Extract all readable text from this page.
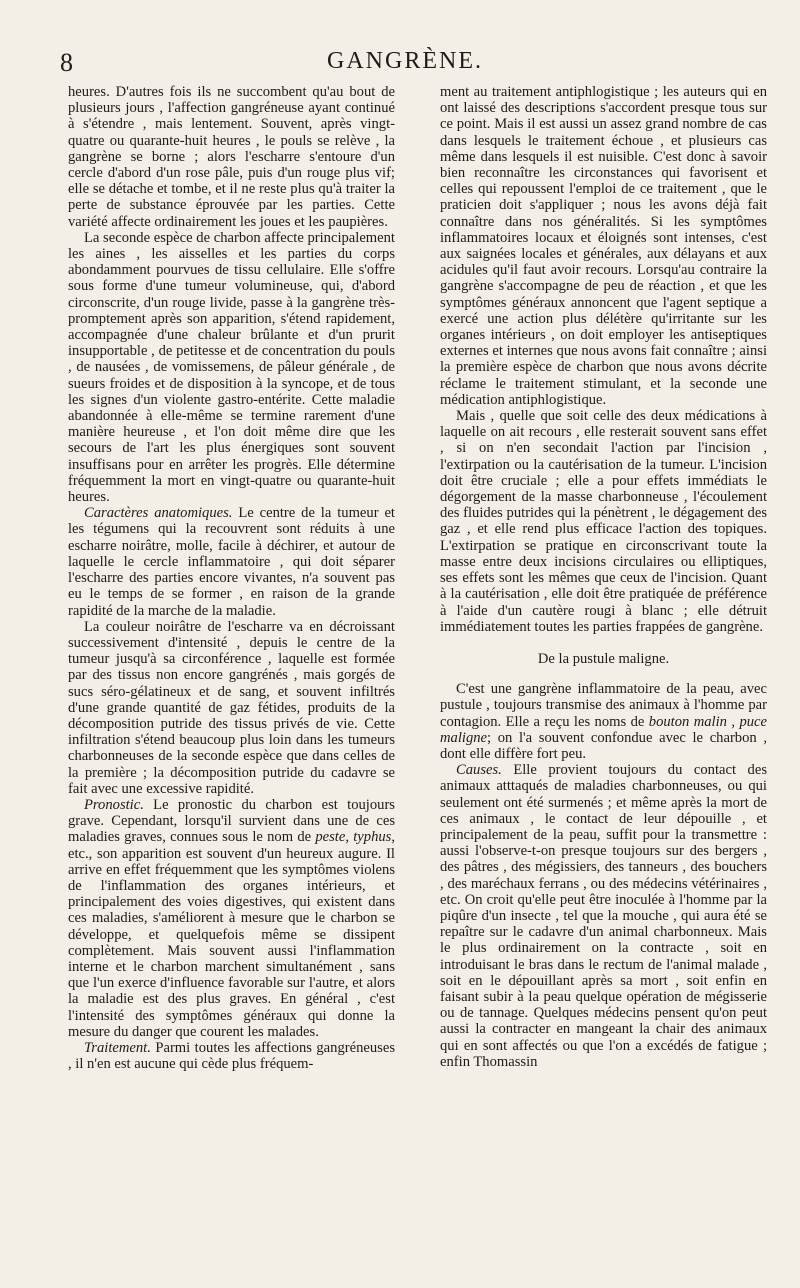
8	GANGRÈNE.

heures. D'autres fois ils ne succombent qu'au bout de plusieurs jours , l'affection gangréneuse ayant continué à s'étendre , mais lentement. Souvent, après vingt-quatre ou quarante-huit heures , le pouls se relève , la gangrène se borne ; alors l'escharre s'entoure d'un cercle d'abord d'un rose pâle, puis d'un rouge plus vif; elle se détache et tombe, et il ne reste plus qu'à traiter la perte de substance éprouvée par les parties. Cette variété affecte ordinairement les joues et les paupières.

La seconde espèce de charbon affecte principalement les aines , les aisselles et les parties du corps abondamment pourvues de tissu cellulaire. Elle s'offre sous forme d'une tumeur volumineuse, qui, d'abord circonscrite, d'un rouge livide, passe à la gangrène très-promptement après son apparition, s'étend rapidement, accompagnée d'une chaleur brûlante et d'un prurit insupportable , de petitesse et de concentration du pouls , de nausées , de vomissemens, de pâleur générale , de sueurs froides et de disposition à la syncope, et de tous les signes d'un violente gastro-entérite. Cette maladie abandonnée à elle-même se termine rarement d'une manière heureuse , et l'on doit même dire que les secours de l'art les plus énergiques sont souvent insuffisans pour en arrêter les progrès. Elle détermine fréquemment la mort en vingt-quatre ou quarante-huit heures.

Caractères anatomiques. Le centre de la tumeur et les tégumens qui la recouvrent sont réduits à une escharre noirâtre, molle, facile à déchirer, et autour de laquelle le cercle inflammatoire , qui doit séparer l'escharre des parties encore vivantes, n'a souvent pas eu le temps de se former , en raison de la grande rapidité de la marche de la maladie.

La couleur noirâtre de l'escharre va en décroissant successivement d'intensité , depuis le centre de la tumeur jusqu'à sa circonférence , laquelle est formée par des tissus non encore gangrénés , mais gorgés de sucs séro-gélatineux et de sang, et souvent infiltrés d'une grande quantité de gaz fétides, produits de la décomposition putride des tissus privés de vie. Cette infiltration s'étend beaucoup plus loin dans les tumeurs charbonneuses de la seconde espèce que dans celles de la première ; la décomposition putride du cadavre se fait avec une excessive rapidité.

Pronostic. Le pronostic du charbon est toujours grave. Cependant, lorsqu'il survient dans une de ces maladies graves, connues sous le nom de peste, typhus, etc., son apparition est souvent d'un heureux augure. Il arrive en effet fréquemment que les symptômes violens de l'inflammation des organes intérieurs, et principalement des voies digestives, qui existent dans ces maladies, s'améliorent à mesure que le charbon se développe, et quelquefois même se dissipent complètement. Mais souvent aussi l'inflammation interne et le charbon marchent simultanément , sans que l'un exerce d'influence favorable sur l'autre, et alors la maladie est des plus graves. En général , c'est l'intensité des symptômes généraux qui donne la mesure du danger que courent les malades.

Traitement. Parmi toutes les affections gangréneuses , il n'en est aucune qui cède plus fréquem-

ment au traitement antiphlogistique ; les auteurs qui en ont laissé des descriptions s'accordent presque tous sur ce point. Mais il est aussi un assez grand nombre de cas dans lesquels le traitement échoue , et plusieurs cas même dans lesquels il est nuisible. C'est donc à savoir bien reconnaître les circonstances qui favorisent et celles qui repoussent l'emploi de ce traitement , que le praticien doit s'appliquer ; nous les avons déjà fait connaître dans nos généralités. Si les symptômes inflammatoires locaux et éloignés sont intenses, c'est aux saignées locales et générales, aux délayans et aux acidules qu'il faut avoir recours. Lorsqu'au contraire la gangrène s'accompagne de peu de réaction , et que les symptômes généraux annoncent que l'agent septique a exercé une action plus délétère qu'irritante sur les organes intérieurs , on doit employer les antiseptiques externes et internes que nous avons fait connaître ; ainsi la première espèce de charbon que nous avons décrite réclame le traitement stimulant, et la seconde une médication antiphlogistique.

Mais , quelle que soit celle des deux médications à laquelle on ait recours , elle resterait souvent sans effet , si on n'en secondait l'action par l'incision , l'extirpation ou la cautérisation de la tumeur. L'incision doit être cruciale ; elle a pour effets immédiats le dégorgement de la masse charbonneuse , l'écoulement des fluides putrides qui la pénètrent , le dégagement des gaz , et elle rend plus efficace l'action des topiques. L'extirpation se pratique en circonscrivant toute la masse entre deux incisions circulaires ou elliptiques, ses effets sont les mêmes que ceux de l'incision. Quant à la cautérisation , elle doit être pratiquée de préférence à l'aide d'un cautère rougi à blanc ; elle détruit immédiatement toutes les parties frappées de gangrène.

De la pustule maligne.

C'est une gangrène inflammatoire de la peau, avec pustule , toujours transmise des animaux à l'homme par contagion. Elle a reçu les noms de bouton malin , puce maligne; on l'a souvent confondue avec le charbon , dont elle diffère fort peu.

Causes. Elle provient toujours du contact des animaux atttaqués de maladies charbonneuses, ou qui seulement ont été surmenés ; et même après la mort de ces animaux , le contact de leur dépouille , et principalement de la peau, suffit pour la transmettre : aussi l'observe-t-on presque toujours sur des bergers , des pâtres , des mégissiers, des tanneurs , des bouchers , des maréchaux ferrans , ou des médecins vétérinaires , etc. On croit qu'elle peut être inoculée à l'homme par la piqûre d'un insecte , tel que la mouche , qui aura été se repaître sur le cadavre d'un animal charbonneux. Mais le plus ordinairement on la contracte , soit en introduisant le bras dans le rectum de l'animal malade , soit en le dépouillant après sa mort , soit enfin en faisant subir à la peau quelque opération de mégisserie ou de tannage. Quelques médecins pensent qu'on peut aussi la contracter en mangeant la chair des animaux qui en sont affectés ou que l'on a excédés de fatigue ; enfin Thomassin
